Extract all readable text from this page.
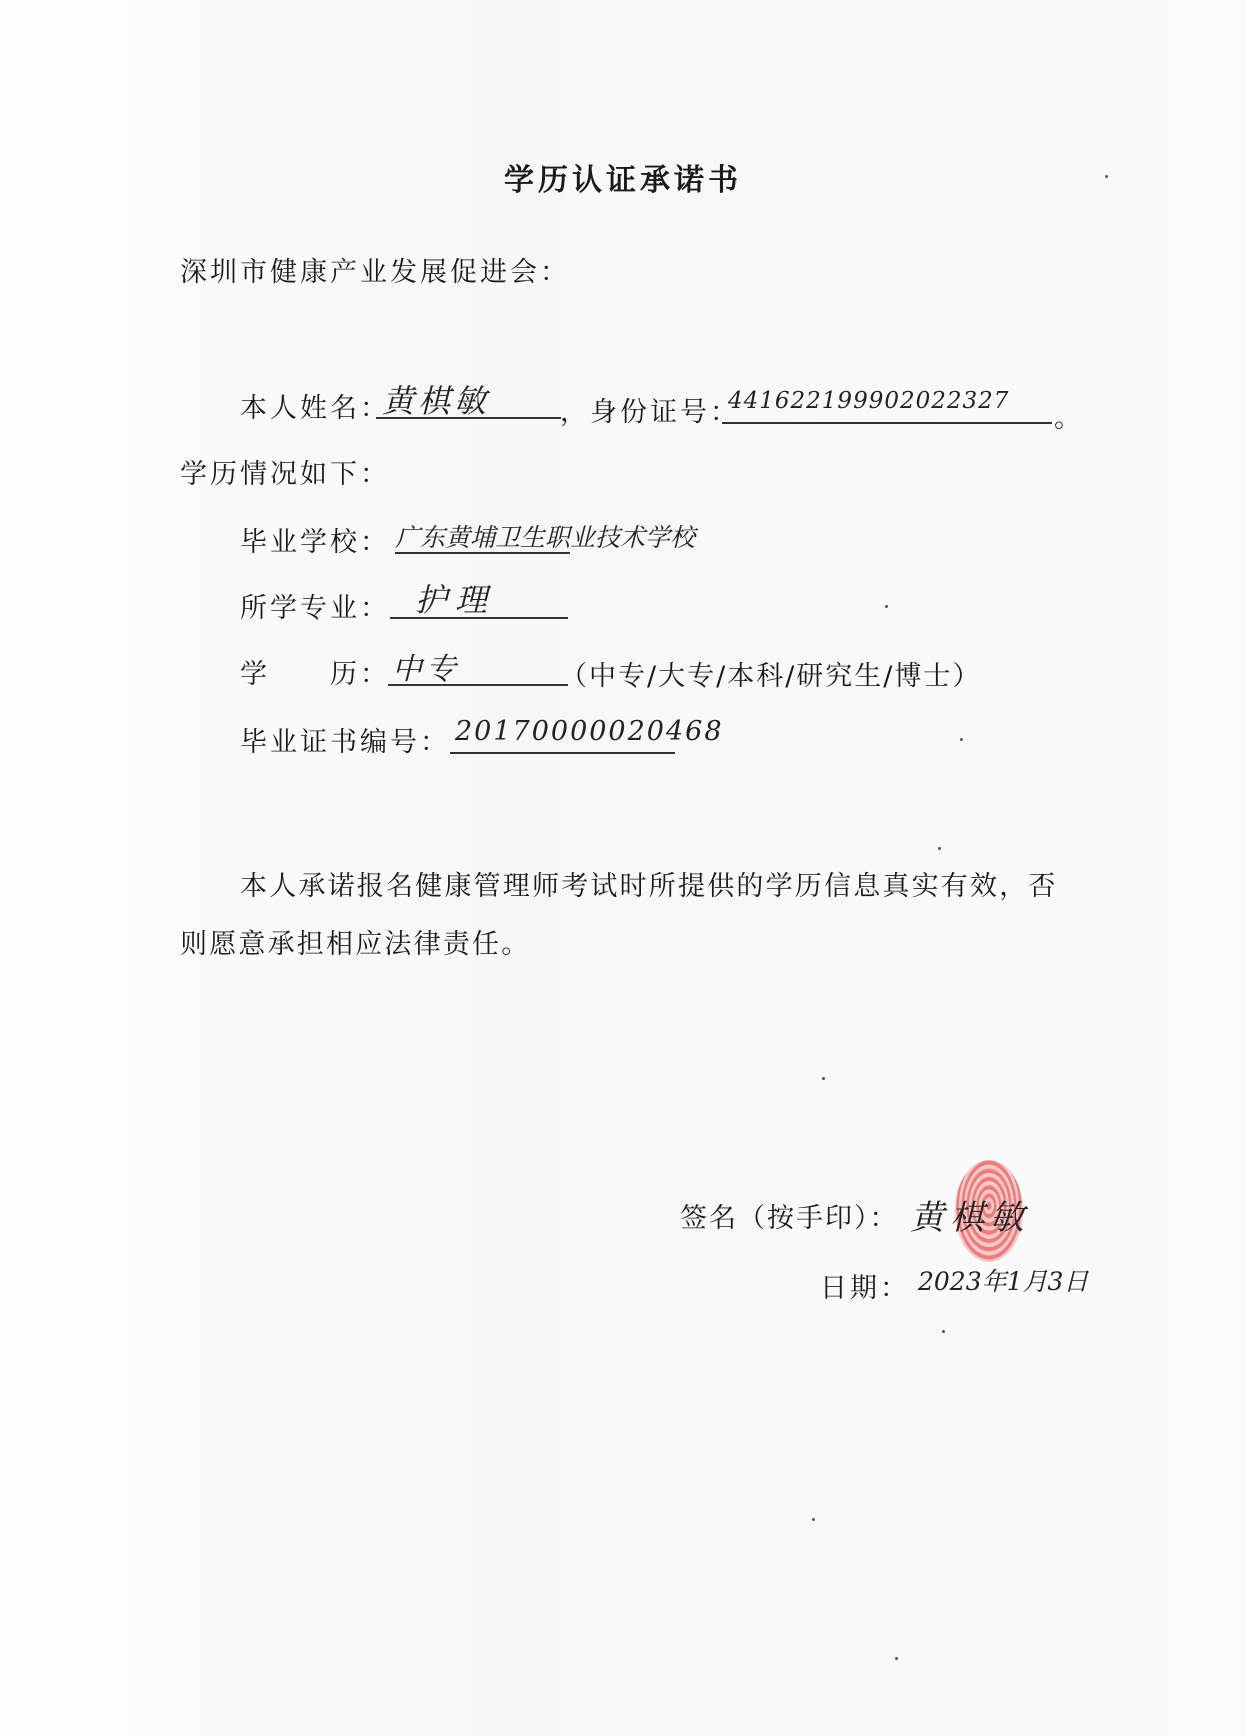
学历认证承诺书
深圳市健康产业发展促进会：
本人姓名：
黄棋敏	，身份证号：
441622199902022327
。
学历情况如下：
毕业学校： 广东黄埔卫生职业技术学校
所学专业： 护理
学 历： 中专	（中专/大专/本科/研究生/博士）
毕业证书编号： 20170000020468
本人承诺报名健康管理师考试时所提供的学历信息真实有效，否
则愿意承担相应法律责任。
签名（按手印）： 黄棋敏
日期： 2023年1月3日
